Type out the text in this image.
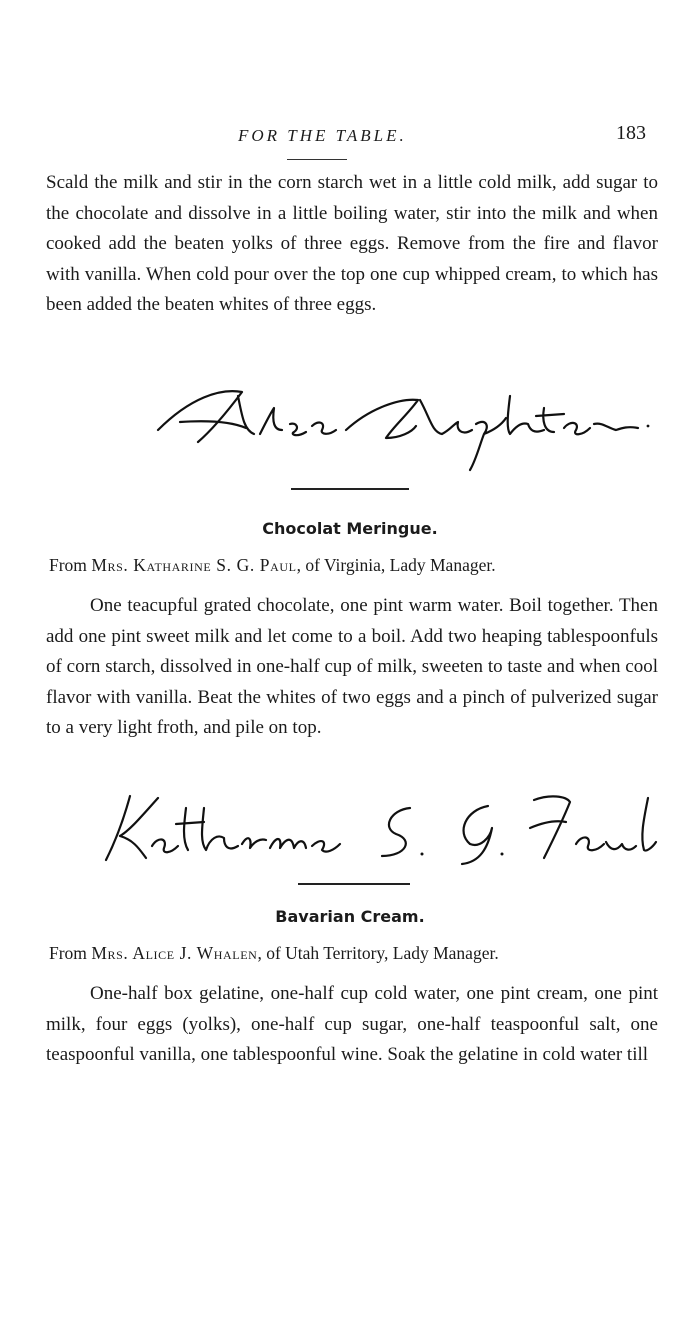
FOR THE TABLE.	183

Scald the milk and stir in the corn starch wet in a little cold milk, add sugar to the chocolate and dissolve in a little boiling water, stir into the milk and when cooked add the beaten yolks of three eggs. Remove from the fire and flavor with vanilla. When cold pour over the top one cup whipped cream, to which has been added the beaten whites of three eggs.

Chocolat Meringue.
From Mrs. Katharine S. G. Paul, of Virginia, Lady Manager.

One teacupful grated chocolate, one pint warm water. Boil together. Then add one pint sweet milk and let come to a boil. Add two heaping tablespoonfuls of corn starch, dissolved in one-half cup of milk, sweeten to taste and when cool flavor with vanilla. Beat the whites of two eggs and a pinch of pulverized sugar to a very light froth, and pile on top.

Bavarian Cream.
From Mrs. Alice J. Whalen, of Utah Territory, Lady Manager.

One-half box gelatine, one-half cup cold water, one pint cream, one pint milk, four eggs (yolks), one-half cup sugar, one-half teaspoonful salt, one teaspoonful vanilla, one tablespoonful wine. Soak the gelatine in cold water till
